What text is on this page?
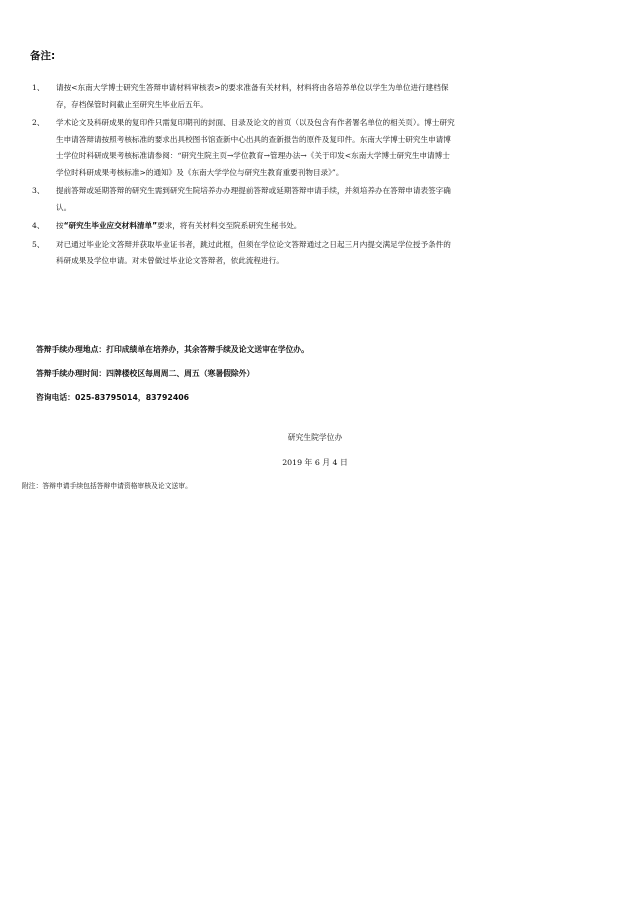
备注:
1、 请按<东南大学博士研究生答辩申请材料审核表>的要求准备有关材料，材料将由各培养单位以学生为单位进行建档保存，存档保管时间截止至研究生毕业后五年。
2、 学术论文及科研成果的复印件只需复印期刊的封面、目录及论文的首页（以及包含有作者署名单位的相关页）。博士研究生申请答辩请按照考核标准的要求出具校图书馆查新中心出具的查新报告的原件及复印件。东南大学博士研究生申请博士学位时科研成果考核标准请参阅：“研究生院主页→学位教育→管理办法→《关于印发<东南大学博士研究生申请博士学位时科研成果考核标准>的通知》及《东南大学学位与研究生教育重要刊物目录》”。
3、 提前答辩或延期答辩的研究生需到研究生院培养办办理提前答辩或延期答辩申请手续，并须培养办在答辩申请表签字确认。
4、 按“研究生毕业应交材料清单”要求，将有关材料交至院系研究生秘书处。
5、 对已通过毕业论文答辩并获取毕业证书者，跳过此框，但须在学位论文答辩通过之日起三月内提交满足学位授予条件的科研成果及学位申请。对未曾做过毕业论文答辩者，依此流程进行。
答辩手续办理地点：打印成绩单在培养办，其余答辩手续及论文送审在学位办。
答辩手续办理时间：四牌楼校区每周周二、周五（寒暑假除外）
咨询电话：025-83795014，83792406
研究生院学位办
2019 年 6 月 4 日
附注：答辩申请手续包括答辩申请资格审核及论文送审。
